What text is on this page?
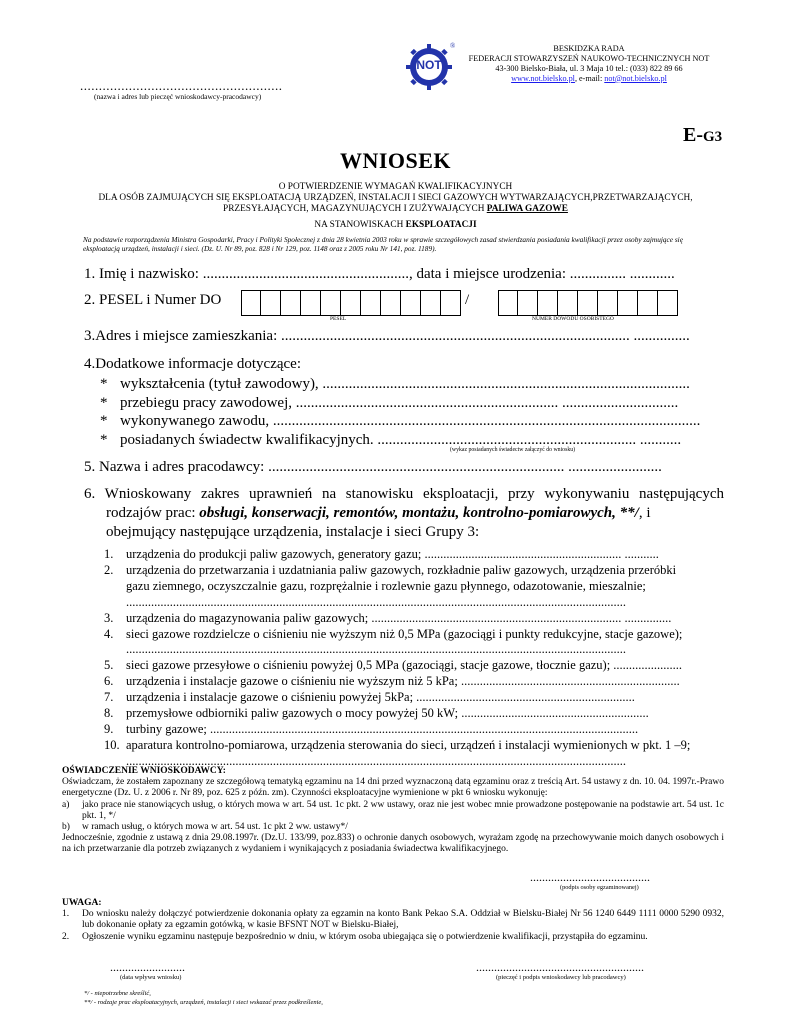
......................................................
(nazwa i adres lub pieczęć wnioskodawcy-pracodawcy)
NOT
®	BESKIDZKA RADA
FEDERACJI STOWARZYSZEŃ NAUKOWO-TECHNICZNYCH NOT
43-300 Bielsko-Biała, ul. 3 Maja 10 tel.: (033) 822 89 66
www.not.bielsko.pl, e-mail: not@not.bielsko.pl
E-G3
WNIOSEK
O POTWIERDZENIE WYMAGAŃ KWALIFIKACYJNYCH
DLA OSÓB ZAJMUJĄCYCH SIĘ EKSPLOATACJĄ URZĄDZEŃ, INSTALACJI I SIECI GAZOWYCH WYTWARZAJĄCYCH,PRZETWARZAJĄCYCH,
PRZESYŁAJĄCYCH, MAGAZYNUJĄCYCH I ZUŻYWAJĄCYCH PALIWA GAZOWE
NA STANOWISKACH EKSPLOATACJI
Na podstawie rozporządzenia Ministra Gospodarki, Pracy i Polityki Społecznej z dnia 28 kwietnia 2003 roku w sprawie szczegółowych zasad stwierdzania posiadania kwalifikacji przez osoby zajmujące się eksploatacją urządzeń, instalacji i sieci. (Dz. U. Nr 89, poz. 828 i Nr 129, poz. 1148 oraz z 2005 roku Nr 141, poz. 1189).
1. Imię i nazwisko: ......................................................., data i miejsce urodzenia: ............... ............
2. PESEL i Numer DO	/
PESEL	NUMER DOWODU OSOBISTEGO
3.Adres i miejsce zamieszkania: ............................................................................................. ...............
4.Dodatkowe informacje dotyczące:
* wykształcenia (tytuł zawodowy), ..................................................................................................
* przebiegu pracy zawodowej, ...................................................................... ...............................
* wykonywanego zawodu, ..................................................................................................................
* posiadanych świadectw kwalifikacyjnych. ..................................................................... ...........
(wykaz posiadanych świadectw załączyć do wniosku)
5. Nazwa i adres pracodawcy: ............................................................................... .........................
6. Wnioskowany zakres uprawnień na stanowisku eksploatacji, przy wykonywaniu następujących
rodzajów prac: obsługi, konserwacji, remontów, montażu, kontrolno-pomiarowych, **/, i
obejmujący następujące urządzenia, instalacje i sieci Grupy 3:
1. urządzenia do produkcji paliw gazowych, generatory gazu; ............................................................... ...........
2. urządzenia do przetwarzania i uzdatniania paliw gazowych, rozkładnie paliw gazowych, urządzenia przeróbki
gazu ziemnego, oczyszczalnie gazu, rozprężalnie i rozlewnie gazu płynnego, odazotowanie, mieszalnie;
................................................................................................................................................................
3. urządzenia do magazynowania paliw gazowych; ................................................................................ ...............
4. sieci gazowe rozdzielcze o ciśnieniu nie wyższym niż 0,5 MPa (gazociągi i punkty redukcyjne, stacje gazowe);
................................................................................................................................................................
5. sieci gazowe przesyłowe o ciśnieniu powyżej 0,5 MPa (gazociągi, stacje gazowe, tłocznie gazu); ......................
6. urządzenia i instalacje gazowe o ciśnieniu nie wyższym niż 5 kPa; ......................................................................
7. urządzenia i instalacje gazowe o ciśnieniu powyżej 5kPa; ......................................................................
8. przemysłowe odbiorniki paliw gazowych o mocy powyżej 50 kW; ............................................................
9. turbiny gazowe; .........................................................................................................................................
10. aparatura kontrolno-pomiarowa, urządzenia sterowania do sieci, urządzeń i instalacji wymienionych w pkt. 1 –9;
................................................................................................................................................................
OŚWIADCZENIE WNIOSKODAWCY:
Oświadczam, że zostałem zapoznany ze szczegółową tematyką egzaminu na 14 dni przed wyznaczoną datą egzaminu oraz z treścią Art. 54 ustawy z dn. 10. 04. 1997r.-Prawo energetyczne (Dz. U. z 2006 r. Nr 89, poz. 625 z późn. zm). Czynności eksploatacyjne wymienione w pkt 6 wniosku wykonuję:
a)	jako prace nie stanowiących usług, o których mowa w art. 54 ust. 1c pkt. 2 ww ustawy, oraz nie jest wobec mnie prowadzone postępowanie na podstawie art. 54 ust. 1c pkt. 1, */
b)	w ramach usług, o których mowa w art. 54 ust. 1c pkt 2 ww. ustawy*/
Jednocześnie, zgodnie z ustawą z dnia 29.08.1997r. (Dz.U. 133/99, poz.833) o ochronie danych osobowych, wyrażam zgodę na przechowywanie moich danych osobowych i na ich przetwarzanie dla potrzeb związanych z wydaniem i wynikających z posiadania świadectwa kwalifikacyjnego.
........................................
(podpis osoby egzaminowanej)
UWAGA:
1.	Do wniosku należy dołączyć potwierdzenie dokonania opłaty za egzamin na konto Bank Pekao S.A. Oddział w Bielsku-Białej Nr 56 1240 6449 1111 0000 5290 0932, lub dokonanie opłaty za egzamin gotówką, w kasie BFSNT NOT w Bielsku-Białej,
2.	Ogłoszenie wyniku egzaminu następuje bezpośrednio w dniu, w którym osoba ubiegająca się o potwierdzenie kwalifikacji, przystąpiła do egzaminu.
.........................
(data wpływu wniosku)
........................................................
(pieczęć i podpis wnioskodawcy lub pracodawcy)
*/ - niepotrzebne skreślić,
**/ - rodzaje prac eksploatacyjnych, urządzeń, instalacji i sieci wskazać przez podkreślenie,
